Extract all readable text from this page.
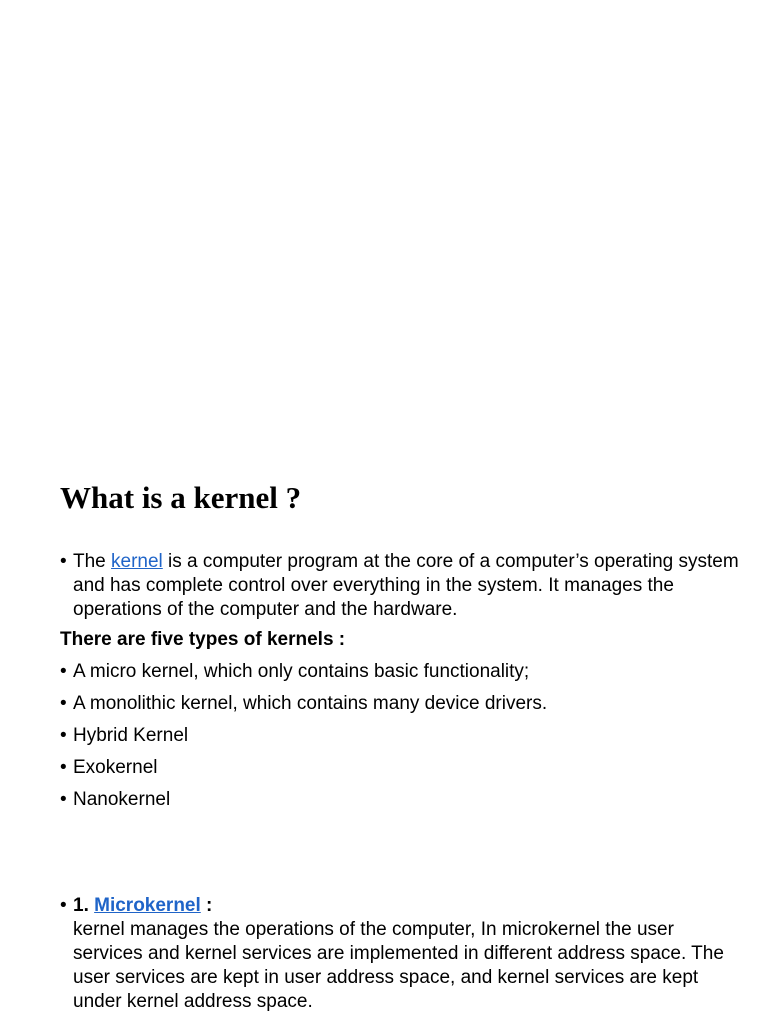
What is a kernel ?
• The kernel is a computer program at the core of a computer’s operating system and has complete control over everything in the system. It manages the operations of the computer and the hardware.
There are five types of kernels :
• A micro kernel, which only contains basic functionality;
• A monolithic kernel, which contains many device drivers.
• Hybrid Kernel
• Exokernel
• Nanokernel
• 1. Microkernel :
kernel manages the operations of the computer, In microkernel the user services and kernel services are implemented in different address space. The user services are kept in user address space, and kernel services are kept under kernel address space.
